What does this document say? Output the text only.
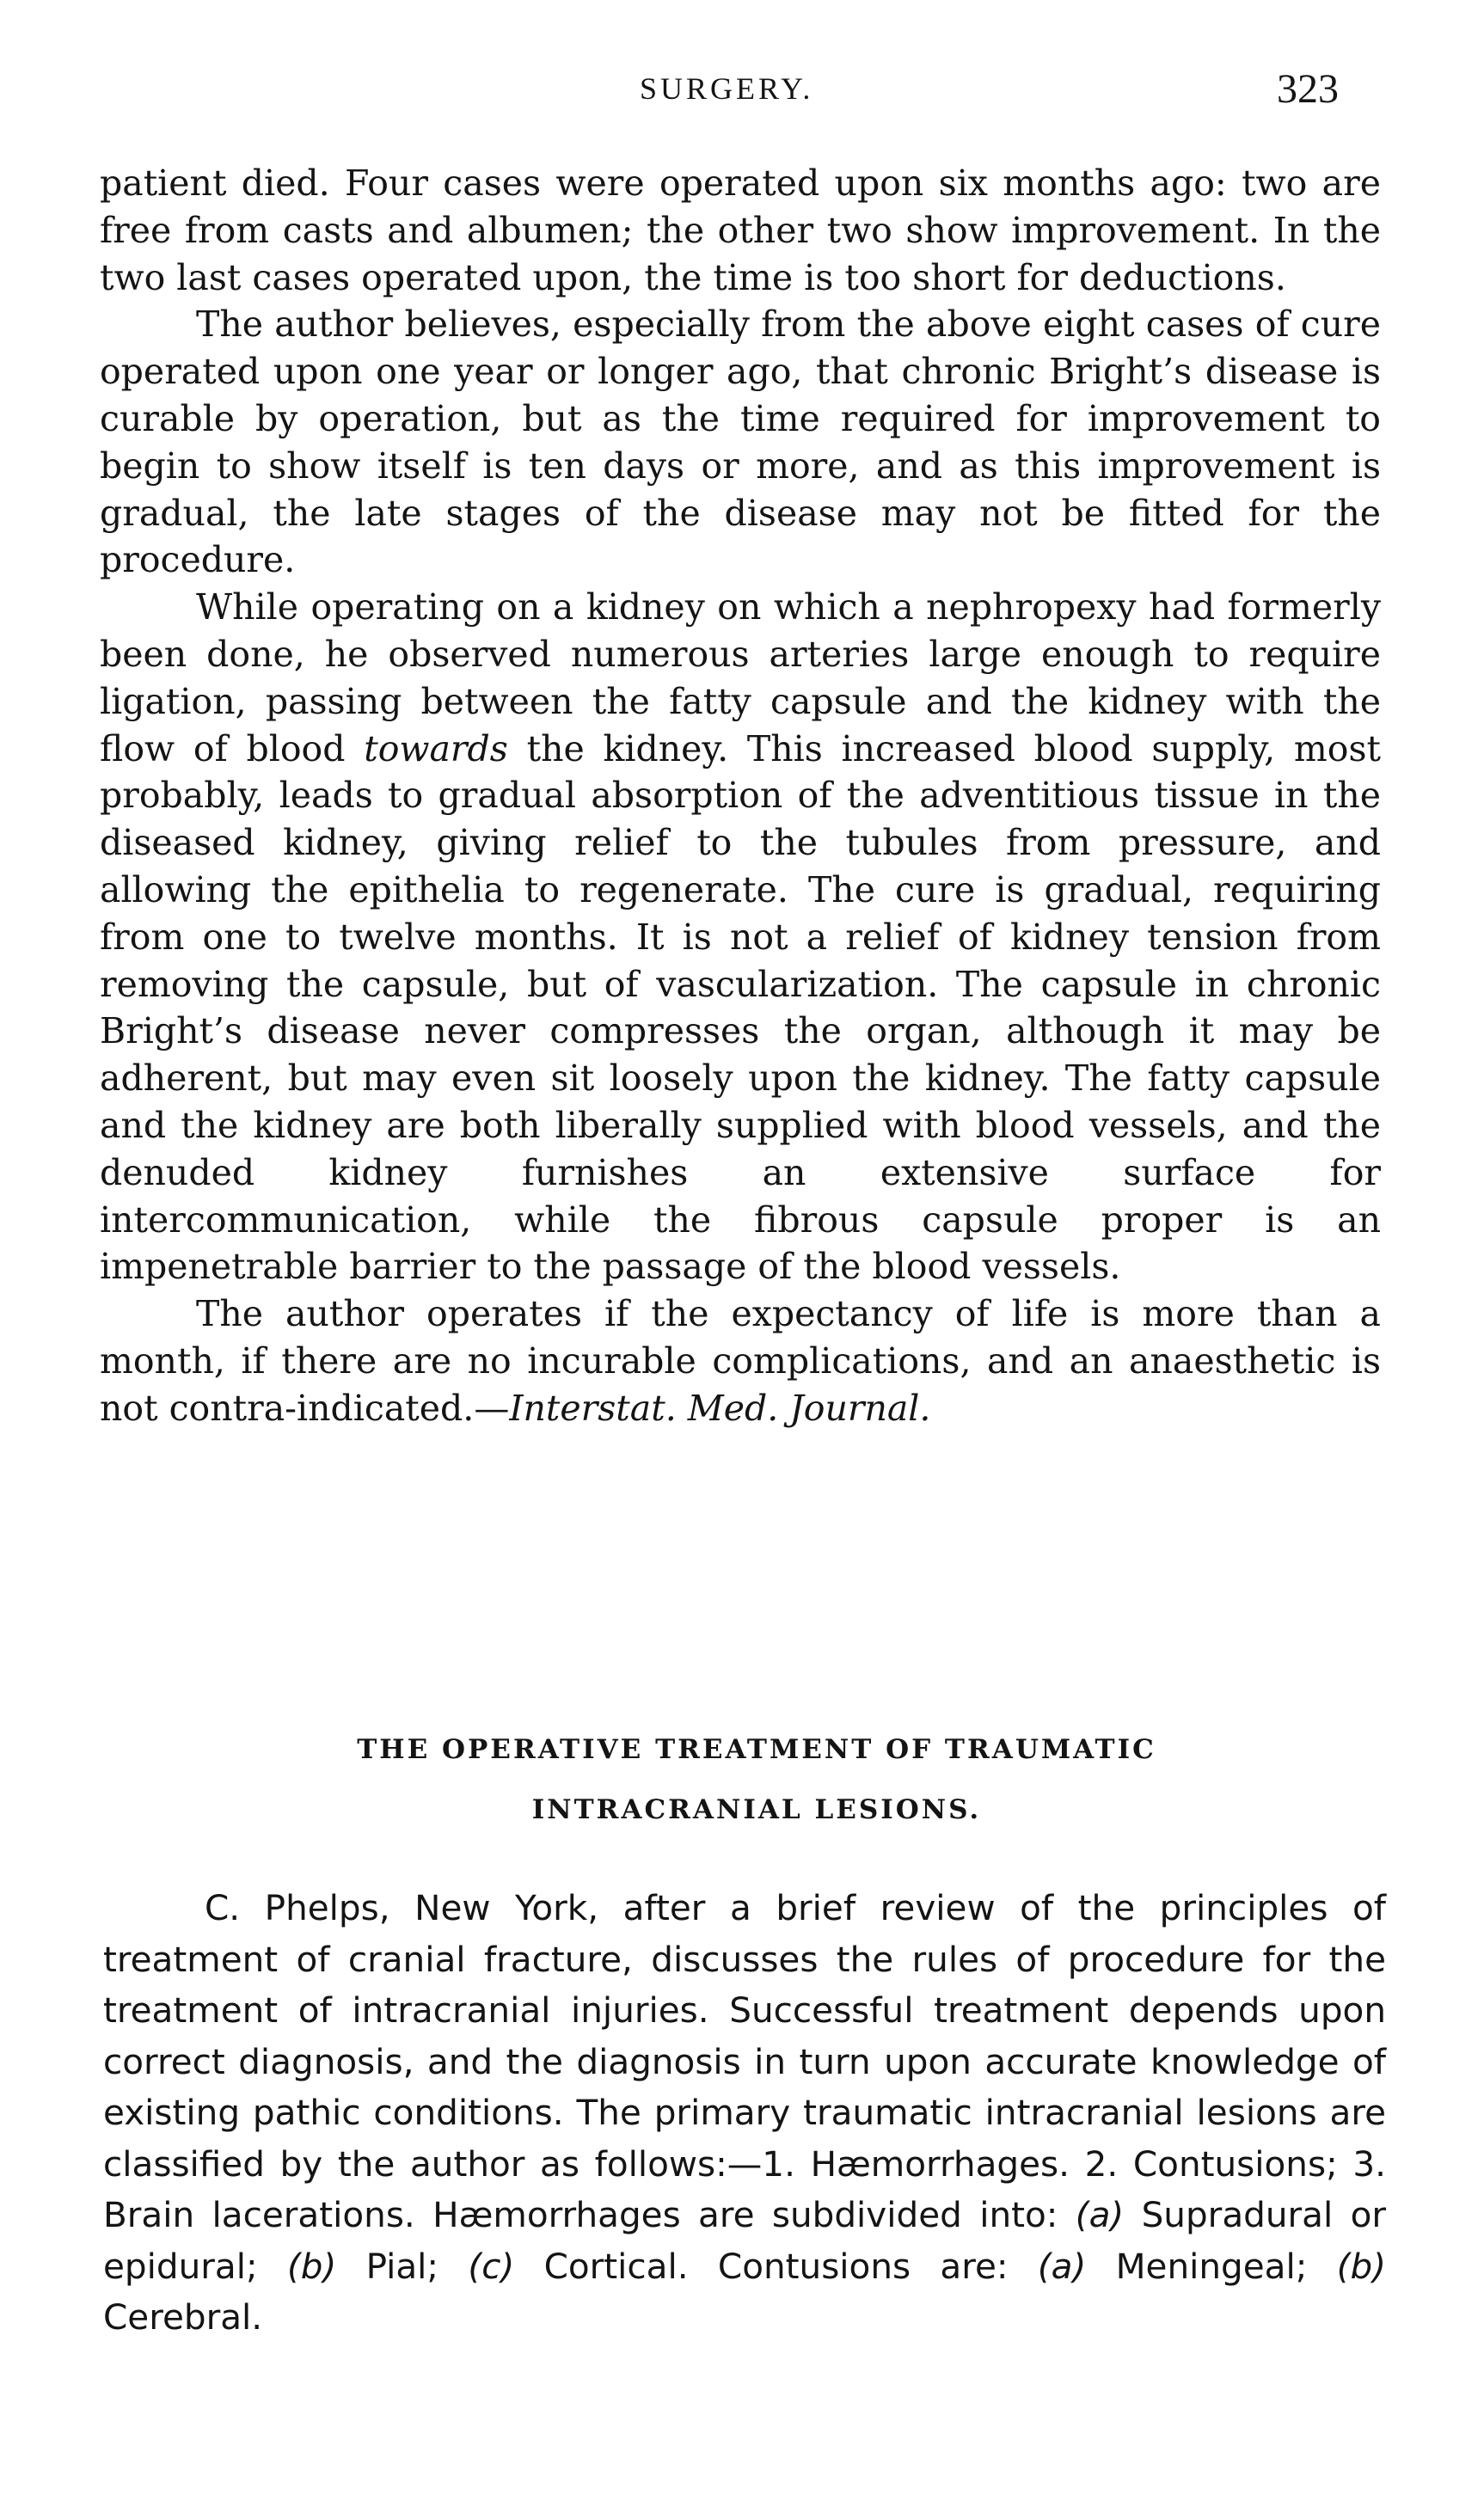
SURGERY.	323

patient died. Four cases were operated upon six months ago: two are free from casts and albumen; the other two show improvement. In the two last cases operated upon, the time is too short for deductions.

The author believes, especially from the above eight cases of cure operated upon one year or longer ago, that chronic Bright’s disease is curable by operation, but as the time required for improvement to begin to show itself is ten days or more, and as this improvement is gradual, the late stages of the disease may not be fitted for the procedure.

While operating on a kidney on which a nephropexy had formerly been done, he observed numerous arteries large enough to require ligation, passing between the fatty capsule and the kidney with the flow of blood towards the kidney. This increased blood supply, most probably, leads to gradual absorption of the adventitious tissue in the diseased kidney, giving relief to the tubules from pressure, and allowing the epithelia to regenerate. The cure is gradual, requiring from one to twelve months. It is not a relief of kidney tension from removing the capsule, but of vascularization. The capsule in chronic Bright’s disease never compresses the organ, although it may be adherent, but may even sit loosely upon the kidney. The fatty capsule and the kidney are both liberally supplied with blood vessels, and the denuded kidney furnishes an extensive surface for intercommunication, while the fibrous capsule proper is an impenetrable barrier to the passage of the blood vessels.

The author operates if the expectancy of life is more than a month, if there are no incurable complications, and an anaesthetic is not contra-indicated.—Interstat. Med. Journal.

THE OPERATIVE TREATMENT OF TRAUMATIC
INTRACRANIAL LESIONS.

C. Phelps, New York, after a brief review of the principles of treatment of cranial fracture, discusses the rules of procedure for the treatment of intracranial injuries. Successful treatment depends upon correct diagnosis, and the diagnosis in turn upon accurate knowledge of existing pathic conditions. The primary traumatic intracranial lesions are classified by the author as follows:—1. Hæmorrhages. 2. Contusions; 3. Brain lacerations. Hæmorrhages are subdivided into: (a) Supradural or epidural; (b) Pial; (c) Cortical. Contusions are: (a) Meningeal; (b) Cerebral.
